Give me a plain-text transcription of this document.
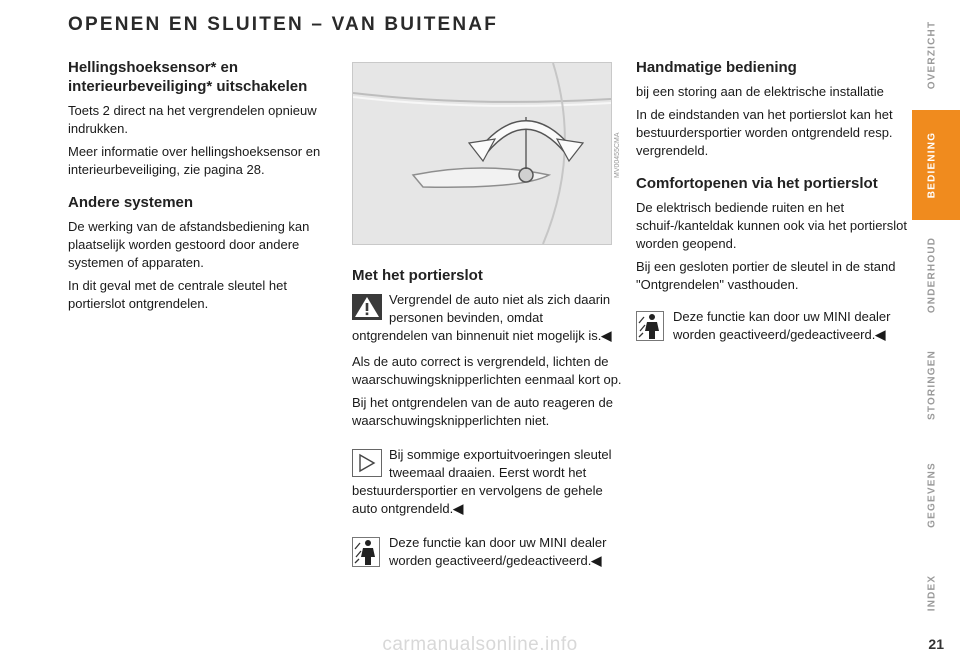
OPENEN EN SLUITEN – VAN BUITENAF
Hellingshoeksensor* en interieurbeveiliging* uitschakelen

Toets 2 direct na het vergrendelen opnieuw indrukken.

Meer informatie over hellingshoeksensor en interieurbeveiliging, zie pagina 28.

Andere systemen

De werking van de afstandsbediening kan plaatselijk worden gestoord door andere systemen of apparaten.

In dit geval met de centrale sleutel het portierslot ontgrendelen.

MV00455CMA
Met het portierslot
Vergrendel de auto niet als zich daarin personen bevinden, omdat
ontgrendelen van binnenuit niet mogelijk is.◀

Als de auto correct is vergrendeld, lichten de waarschuwingsknipperlichten eenmaal kort op.

Bij het ontgrendelen van de auto reageren de waarschuwingsknipperlichten niet.

Bij sommige exportuitvoeringen sleutel tweemaal draaien. Eerst wordt het
bestuurdersportier en vervolgens de gehele auto ontgrendeld.◀
Deze functie kan door uw MINI dealer worden geactiveerd/gedeactiveerd.◀
Handmatige bediening

bij een storing aan de elektrische installatie

In de eindstanden van het portierslot kan het bestuurdersportier worden ontgrendeld resp. vergrendeld.

Comfortopenen via het portierslot

De elektrisch bediende ruiten en het schuif-/kanteldak kunnen ook via het portierslot worden geopend.

Bij een gesloten portier de sleutel in de stand "Ontgrendelen" vasthouden.

Deze functie kan door uw MINI dealer worden geactiveerd/gedeactiveerd.◀
OVERZICHT
BEDIENING
ONDERHOUD
STORINGEN
GEGEVENS
INDEX
21
carmanualsonline.info
